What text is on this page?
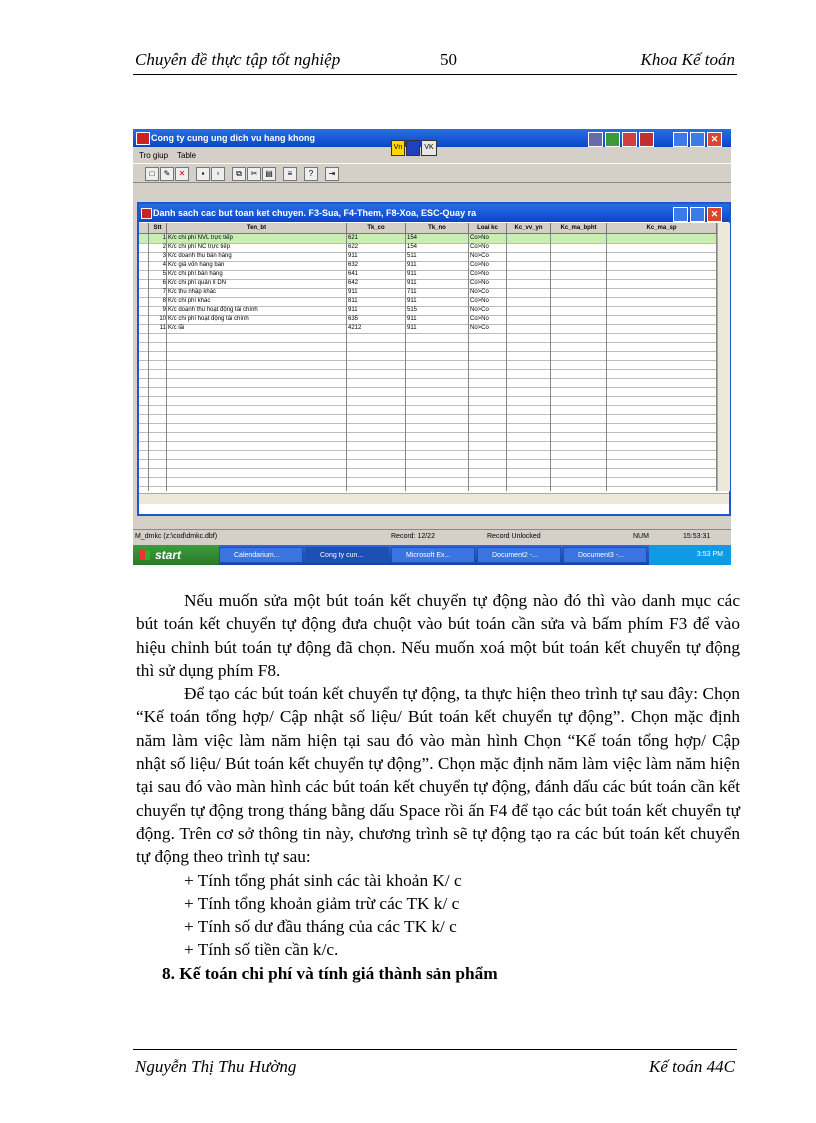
Chuyên đề thực tập tốt nghiệp	50	Khoa Kế toán
Cong ty cung ung dich vu hang khong	✕
Vn	VK
Tro giup Table
□	✎	✕	▪	▫	⧉	✂ ▤	≡	?	⇥
Danh sach cac but toan ket chuyen. F3-Sua, F4-Them, F8-Xoa, ESC-Quay ra	✕
Stt	Ten_bt	Tk_co	Tk_no	Loai kc	Kc_vv_yn	Kc_ma_bpht	Kc_ma_sp
1 K/c chi phí NVL trực tiếp	621	154	Co>No
2 K/c chi phí NC trực tiếp	622	154	Co>No
3 K/c doanh thu bán hàng	911	511	No>Co
4 K/c giá vốn hàng bán	632	911	Co>No
5 K/c chi phí bán hàng	641	911	Co>No
6 K/c chi phí quản lí DN	642	911	Co>No
7 K/c thu nhập khác	911	711	No>Co
8 K/c chi phí khác	811	911	Co>No
9 K/c doanh thu hoạt động tài chính	911	515	No>Co
10 K/c chi phí hoạt động tài chính	635	911	Co>No
11 K/c lãi	4212	911	No>Co
M_dmkc (z:\cod\dmkc.dbf)	Record: 12/22	Record Unlocked	NUM	15:53:31
start	Calendarium...	Cong ty cun...	Microsoft Ex...	Document2 -...	Document3 -...	3:53 PM

Nếu muốn sửa một bút toán kết chuyển tự động nào đó thì vào danh mục các bút toán kết chuyển tự động đưa chuột vào bút toán cần sửa và bấm phím F3 để vào hiệu chỉnh bút toán tự động đã chọn. Nếu muốn xoá một bút toán kết chuyển tự động thì sử dụng phím F8.

Để tạo các bút toán kết chuyển tự động, ta thực hiện theo trình tự sau đây: Chọn “Kế toán tổng hợp/ Cập nhật số liệu/ Bút toán kết chuyển tự động”. Chọn mặc định năm làm việc làm năm hiện tại sau đó vào màn hình Chọn “Kế toán tổng hợp/ Cập nhật số liệu/ Bút toán kết chuyển tự động”. Chọn mặc định năm làm việc làm năm hiện tại sau đó vào màn hình các bút toán kết chuyển tự động, đánh dấu các bút toán cần kết chuyển tự động trong tháng bằng dấu Space rồi ấn F4 để tạo các bút toán kết chuyển tự động. Trên cơ sở thông tin này, chương trình sẽ tự động tạo ra các bút toán kết chuyển tự động theo trình tự sau:

+ Tính tổng phát sinh các tài khoản K/ c

+ Tính tổng khoản giảm trừ các TK k/ c

+ Tính số dư đầu tháng của các TK k/ c

+ Tính số tiền cần k/c.

8. Kế toán chi phí và tính giá thành sản phẩm

Nguyễn Thị Thu Hường	Kế toán 44C
